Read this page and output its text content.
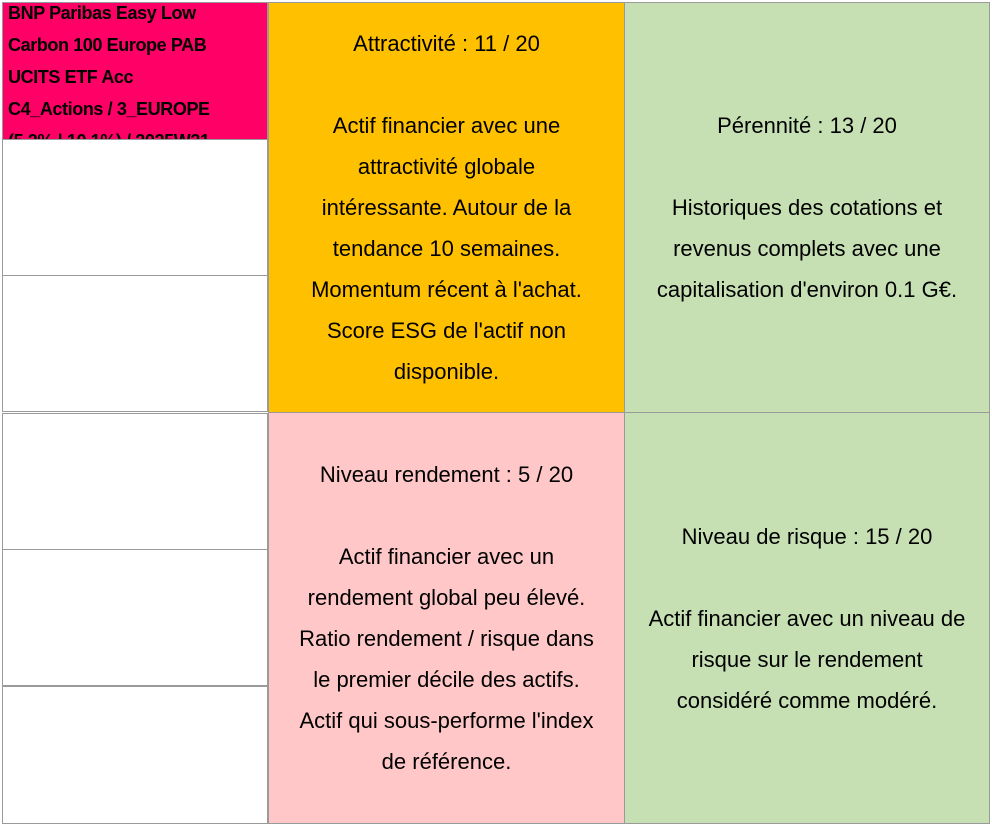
BNP Paribas Easy Low
Carbon 100 Europe PAB
UCITS ETF Acc
C4_Actions / 3_EUROPE
Attractivité : 11 / 20
Actif financier avec une
attractivité globale
intéressante. Autour de la
tendance 10 semaines.
Momentum récent à l'achat.
Score ESG de l'actif non
disponible.
Pérennité : 13 / 20
Historiques des cotations et
revenus complets avec une
capitalisation d'environ 0.1 G€.
Niveau rendement : 5 / 20
Actif financier avec un
rendement global peu élevé.
Ratio rendement / risque dans
le premier décile des actifs.
Actif qui sous-performe l'index
de référence.
Niveau de risque : 15 / 20
Actif financier avec un niveau de
risque sur le rendement
considéré comme modéré.
